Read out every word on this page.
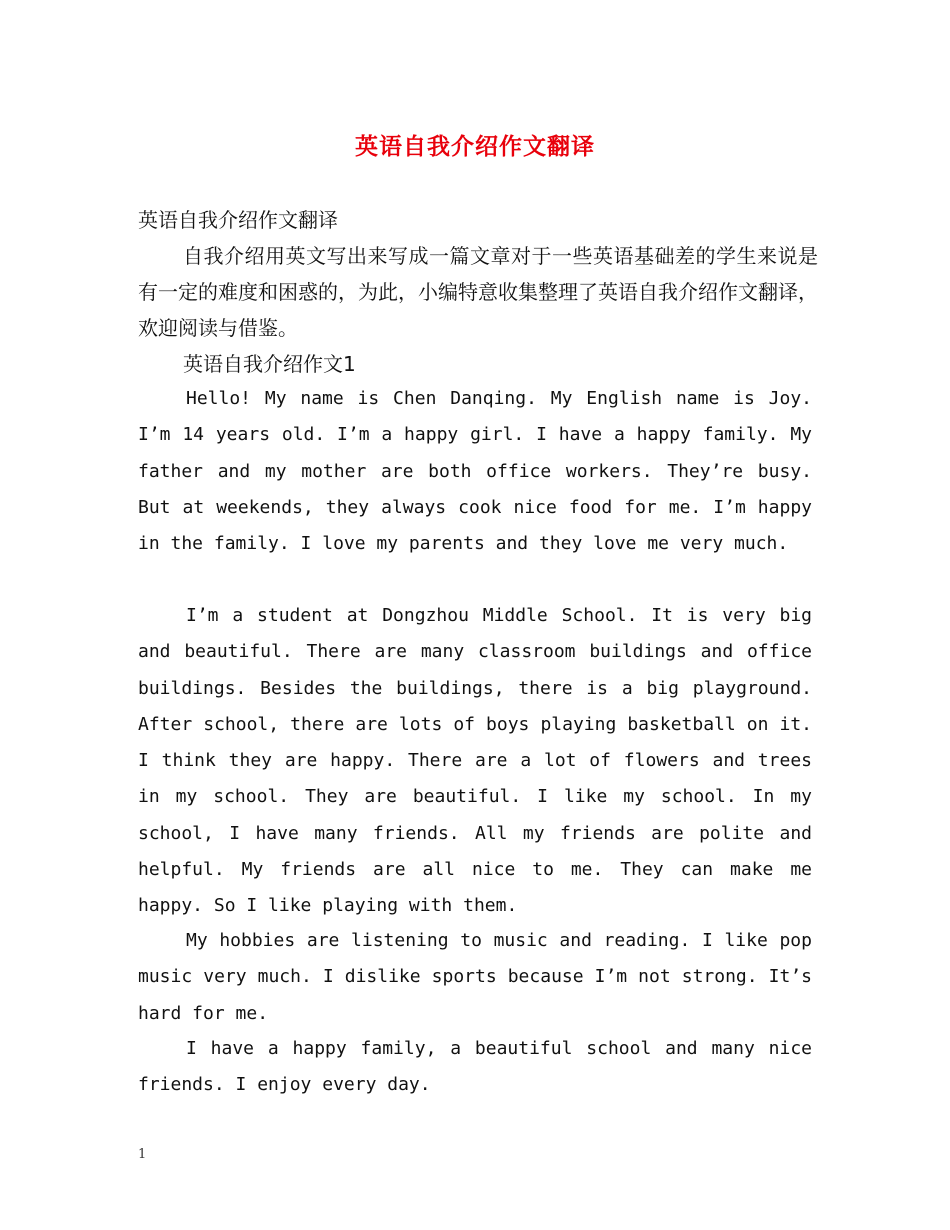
英语自我介绍作文翻译
英语自我介绍作文翻译
自我介绍用英文写出来写成一篇文章对于一些英语基础差的学生来说是有一定的难度和困惑的，为此，小编特意收集整理了英语自我介绍作文翻译，欢迎阅读与借鉴。
英语自我介绍作文1
Hello! My name is Chen Danqing. My English name is Joy. I’m 14 years old. I’m a happy girl. I have a happy family. My father and my mother are both office workers. They’re busy. But at weekends, they always cook nice food for me. I’m happy in the family. I love my parents and they love me very much.
I’m a student at Dongzhou Middle School. It is very big and beautiful. There are many classroom buildings and office buildings. Besides the buildings, there is a big playground. After school, there are lots of boys playing basketball on it. I think they are happy. There are a lot of flowers and trees in my school. They are beautiful. I like my school. In my school, I have many friends. All my friends are polite and helpful. My friends are all nice to me. They can make me happy. So I like playing with them.
My hobbies are listening to music and reading. I like pop music very much. I dislike sports because I’m not strong. It’s hard for me.
I have a happy family, a beautiful school and many nice friends. I enjoy every day.
1
